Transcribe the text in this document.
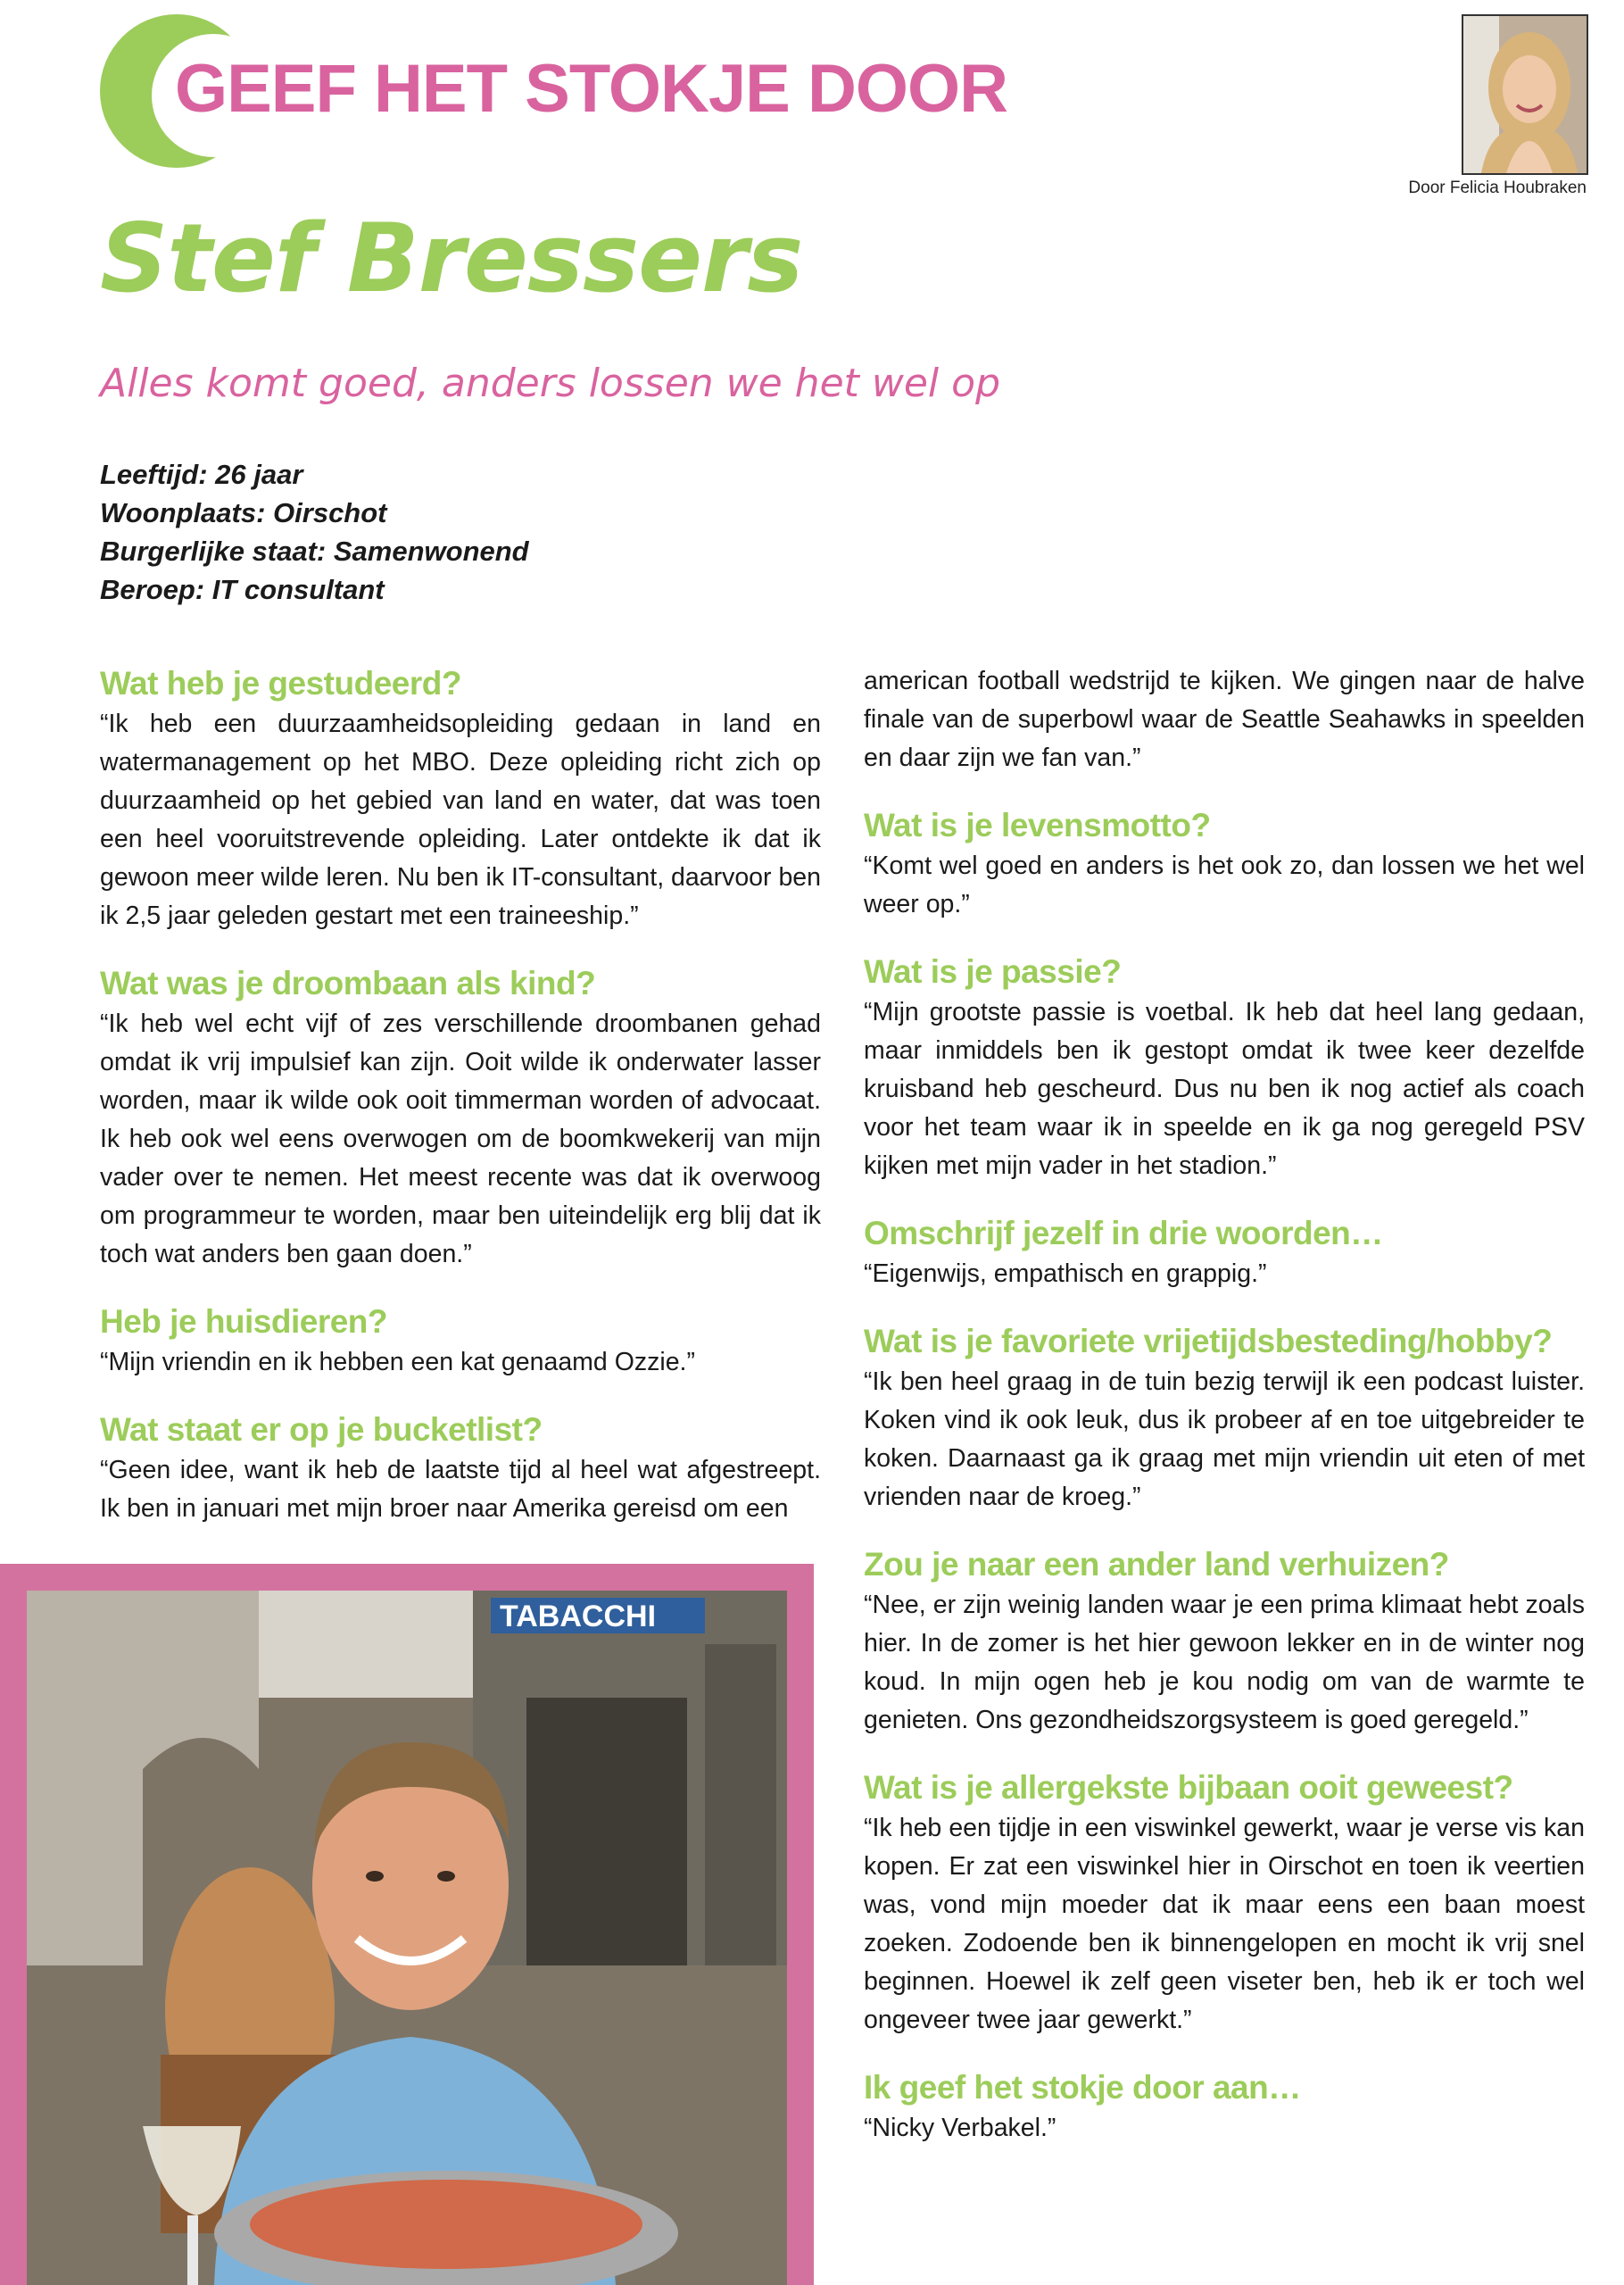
GEEF HET STOKJE DOOR

Door Felicia Houbraken

Stef Bressers

Alles komt goed, anders lossen we het wel op

Leeftijd: 26 jaar
Woonplaats: Oirschot
Burgerlijke staat: Samenwonend
Beroep: IT consultant
Wat heb je gestudeerd?

“Ik heb een duurzaamheidsopleiding gedaan in land en watermanagement op het MBO. Deze opleiding richt zich op duurzaamheid op het gebied van land en water, dat was toen een heel vooruitstrevende opleiding. Later ontdekte ik dat ik gewoon meer wilde leren. Nu ben ik IT-consultant, daarvoor ben ik 2,5 jaar geleden gestart met een traineeship.”

Wat was je droombaan als kind?

“Ik heb wel echt vijf of zes verschillende droombanen gehad omdat ik vrij impulsief kan zijn. Ooit wilde ik onderwater lasser worden, maar ik wilde ook ooit timmerman worden of advocaat. Ik heb ook wel eens overwogen om de boomkwekerij van mijn vader over te nemen. Het meest recente was dat ik overwoog om programmeur te worden, maar ben uiteindelijk erg blij dat ik toch wat anders ben gaan doen.”

Heb je huisdieren?

“Mijn vriendin en ik hebben een kat genaamd Ozzie.”

Wat staat er op je bucketlist?

“Geen idee, want ik heb de laatste tijd al heel wat afgestreept. Ik ben in januari met mijn broer naar Amerika gereisd om een

american football wedstrijd te kijken. We gingen naar de halve finale van de superbowl waar de Seattle Seahawks in speelden en daar zijn we fan van.”

Wat is je levensmotto?

“Komt wel goed en anders is het ook zo, dan lossen we het wel weer op.”

Wat is je passie?

“Mijn grootste passie is voetbal. Ik heb dat heel lang gedaan, maar inmiddels ben ik gestopt omdat ik twee keer dezelfde kruisband heb gescheurd. Dus nu ben ik nog actief als coach voor het team waar ik in speelde en ik ga nog geregeld PSV kijken met mijn vader in het stadion.”

Omschrijf jezelf in drie woorden…

“Eigenwijs, empathisch en grappig.”

Wat is je favoriete vrijetijdsbesteding/hobby?

“Ik ben heel graag in de tuin bezig terwijl ik een podcast luister. Koken vind ik ook leuk, dus ik probeer af en toe uitgebreider te koken. Daarnaast ga ik graag met mijn vriendin uit eten of met vrienden naar de kroeg.”

Zou je naar een ander land verhuizen?

“Nee, er zijn weinig landen waar je een prima klimaat hebt zoals hier. In de zomer is het hier gewoon lekker en in de winter nog koud. In mijn ogen heb je kou nodig om van de warmte te genieten. Ons gezondheidszorgsysteem is goed geregeld.”

Wat is je allergekste bijbaan ooit geweest?

“Ik heb een tijdje in een viswinkel gewerkt, waar je verse vis kan kopen. Er zat een viswinkel hier in Oirschot en toen ik veertien was, vond mijn moeder dat ik maar eens een baan moest zoeken. Zodoende ben ik binnengelopen en mocht ik vrij snel beginnen. Hoewel ik zelf geen viseter ben, heb ik er toch wel ongeveer twee jaar gewerkt.”

Ik geef het stokje door aan…

“Nicky Verbakel.”

TABACCHI
